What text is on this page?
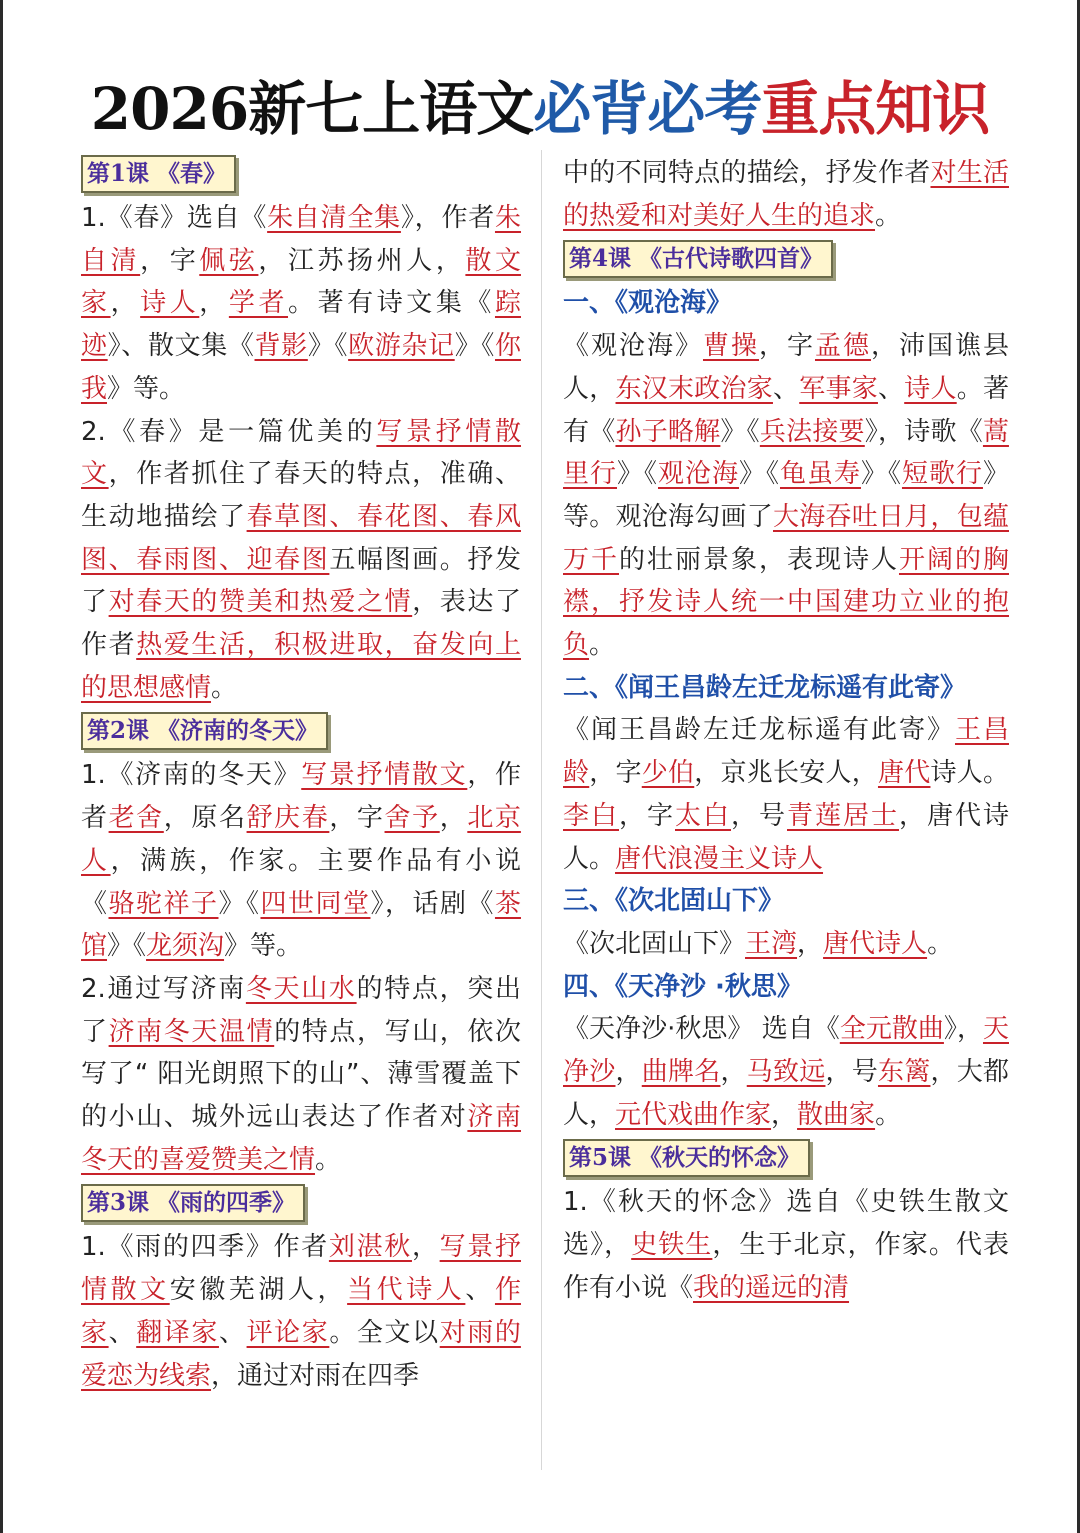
2026新七上语文必背必考重点知识
第1课 《春》

1.《春》选自《朱自清全集》，作者朱自清，字佩弦，江苏扬州人，散文家，诗人，学者。著有诗文集《踪迹》、散文集《背影》《欧游杂记》《你我》等。

2.《春》是一篇优美的写景抒情散文，作者抓住了春天的特点，准确、生动地描绘了春草图、春花图、春风图、春雨图、迎春图五幅图画。抒发了对春天的赞美和热爱之情，表达了作者热爱生活，积极进取，奋发向上的思想感情。

第2课 《济南的冬天》

1.《济南的冬天》写景抒情散文，作者老舍，原名舒庆春，字舍予，北京人，满族，作家。主要作品有小说《骆驼祥子》《四世同堂》，话剧《茶馆》《龙须沟》等。

2.通过写济南冬天山水的特点，突出了济南冬天温情的特点，写山，依次写了“ 阳光朗照下的山”、薄雪覆盖下的小山、城外远山表达了作者对济南冬天的喜爱赞美之情。

第3课 《雨的四季》

1.《雨的四季》作者刘湛秋，写景抒情散文安徽芜湖人，当代诗人、作家、翻译家、评论家。全文以对雨的爱恋为线索，通过对雨在四季

中的不同特点的描绘，抒发作者对生活的热爱和对美好人生的追求。

第4课 《古代诗歌四首》
一、《观沧海》

《观沧海》曹操，字孟德，沛国谯县人，东汉末政治家、军事家、诗人。著有《孙子略解》《兵法接要》，诗歌《蒿里行》《观沧海》《龟虽寿》《短歌行》等。观沧海勾画了大海吞吐日月，包蕴万千的壮丽景象，表现诗人开阔的胸襟，抒发诗人统一中国建功立业的抱负。

二、《闻王昌龄左迁龙标遥有此寄》

《闻王昌龄左迁龙标遥有此寄》王昌龄，字少伯，京兆长安人，唐代诗人。李白，字太白，号青莲居士，唐代诗人。唐代浪漫主义诗人

三、《次北固山下》

《次北固山下》王湾，唐代诗人。

四、《天净沙 ·秋思》

《天净沙·秋思》 选自《全元散曲》，天净沙，曲牌名，马致远，号东篱，大都人，元代戏曲作家，散曲家。

第5课 《秋天的怀念》

1.《秋天的怀念》选自《史铁生散文选》，史铁生，生于北京，作家。代表作有小说《我的遥远的清
